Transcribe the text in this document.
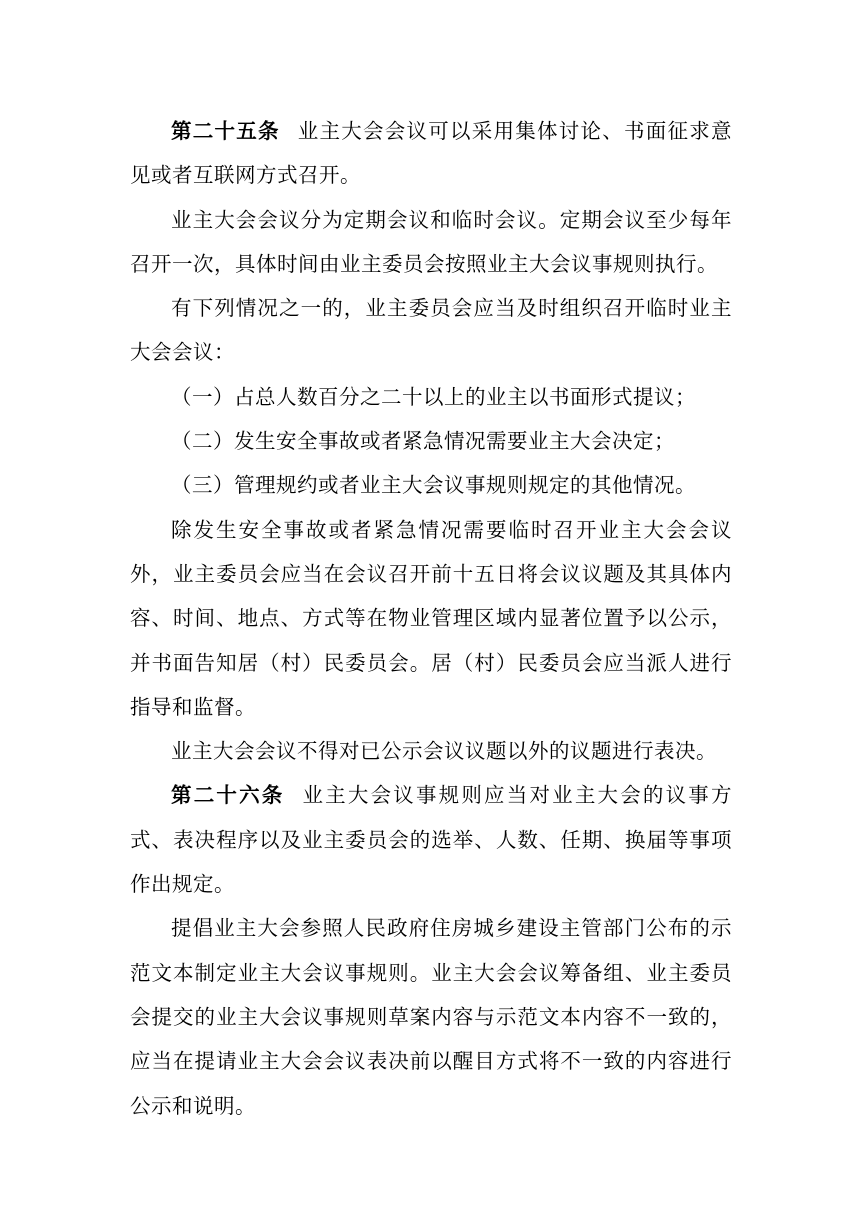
第二十五条 业主大会会议可以采用集体讨论、书面征求意见或者互联网方式召开。

业主大会会议分为定期会议和临时会议。定期会议至少每年召开一次，具体时间由业主委员会按照业主大会议事规则执行。

有下列情况之一的，业主委员会应当及时组织召开临时业主大会会议：

（一）占总人数百分之二十以上的业主以书面形式提议；

（二）发生安全事故或者紧急情况需要业主大会决定；

（三）管理规约或者业主大会议事规则规定的其他情况。

除发生安全事故或者紧急情况需要临时召开业主大会会议外，业主委员会应当在会议召开前十五日将会议议题及其具体内容、时间、地点、方式等在物业管理区域内显著位置予以公示，并书面告知居（村）民委员会。居（村）民委员会应当派人进行指导和监督。

业主大会会议不得对已公示会议议题以外的议题进行表决。

第二十六条 业主大会议事规则应当对业主大会的议事方式、表决程序以及业主委员会的选举、人数、任期、换届等事项作出规定。

提倡业主大会参照人民政府住房城乡建设主管部门公布的示范文本制定业主大会议事规则。业主大会会议筹备组、业主委员会提交的业主大会议事规则草案内容与示范文本内容不一致的，应当在提请业主大会会议表决前以醒目方式将不一致的内容进行公示和说明。
